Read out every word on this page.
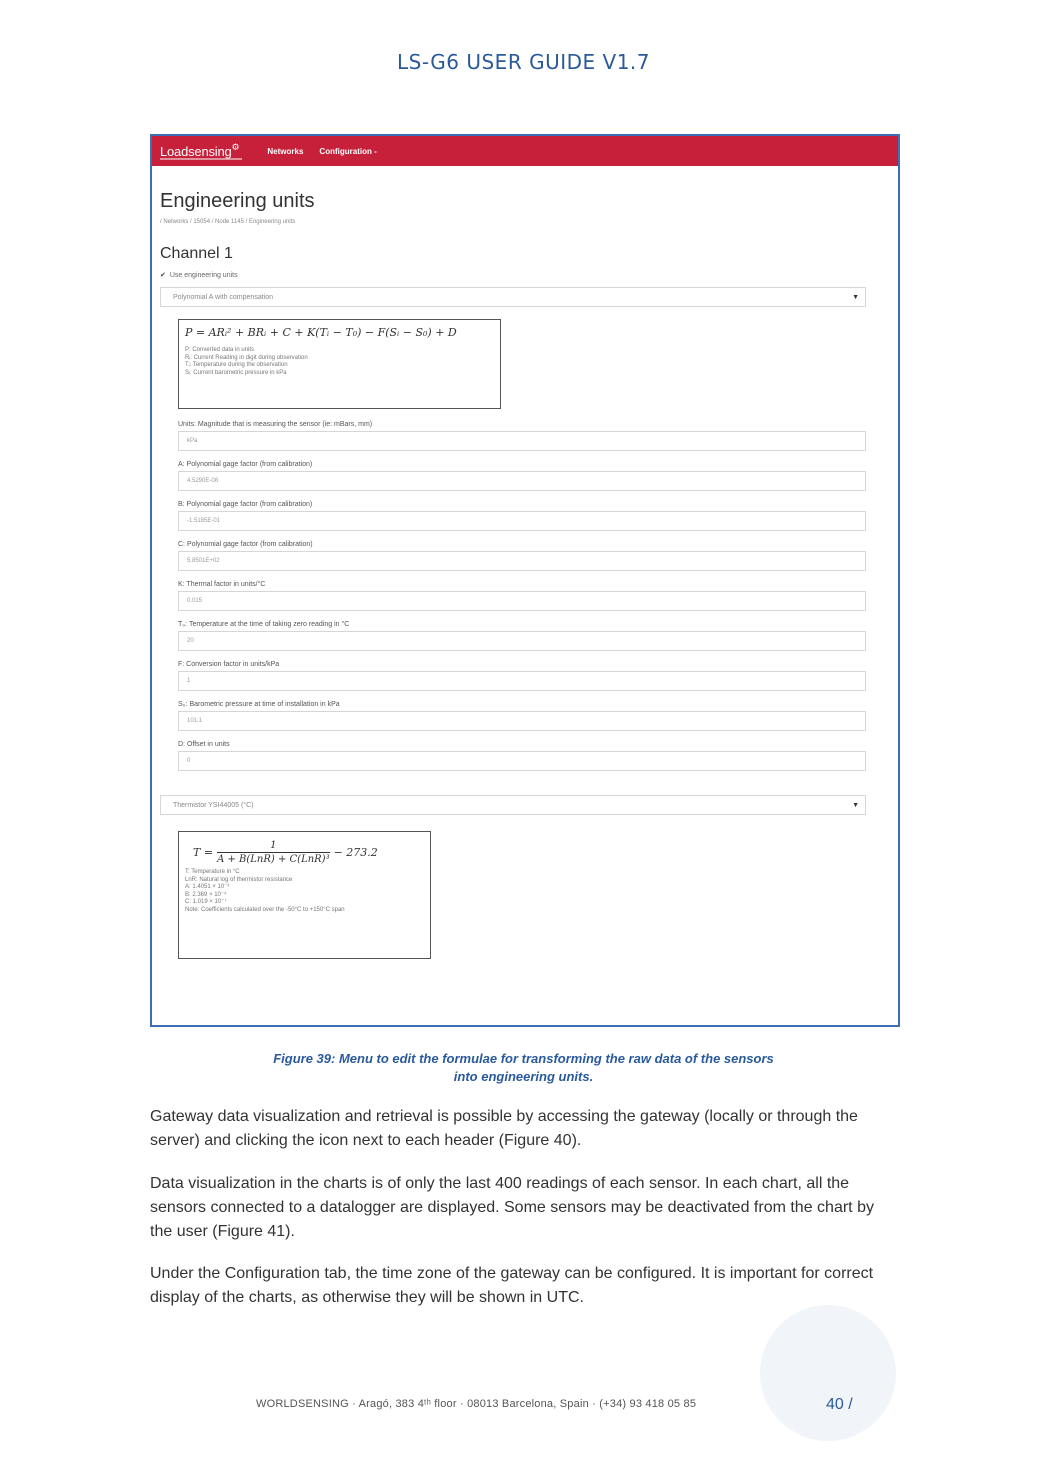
LS-G6 USER GUIDE V1.7
Loadsensing⚙	Networks Configuration -
Engineering units
/ Networks / 15054 / Node 1145 / Engineering units
Channel 1
✔ Use engineering units
Polynomial A with compensation	▼
P = ARᵢ² + BRᵢ + C + K(Tᵢ − T₀) − F(Sᵢ − S₀) + D
P: Converted data in units
Rᵢ: Current Reading in digit during observation
Tᵢ: Temperature during the observation
Sᵢ: Current barometric pressure in kPa
Units: Magnitude that is measuring the sensor (ie: mBars, mm)
kPa
A: Polynomial gage factor (from calibration)
4.5290E-08
B: Polynomial gage factor (from calibration)
-1.5185E-01
C: Polynomial gage factor (from calibration)
5.8501E+02
K: Thermal factor in units/°C
0.015
T₀: Temperature at the time of taking zero reading in °C
20
F: Conversion factor in units/kPa
1
S₀: Barometric pressure at time of installation in kPa
101.1
D: Offset in units
0
Thermistor YSI44005 (°C)	▼
$T = \frac{1}{\text{A + B(LnR) + C(LnR)³}} - 273.2$
T: Temperature in °C
LnR: Natural log of thermistor resistance
A: 1.4051 × 10⁻³
B: 2.369 × 10⁻⁴
C: 1.019 × 10⁻⁷
Note: Coefficients calculated over the -50°C to +150°C span
Figure 39: Menu to edit the formulae for transforming the raw data of the sensors
into engineering units.
Gateway data visualization and retrieval is possible by accessing the gateway (locally or through the server) and clicking the icon next to each header (Figure 40).
Data visualization in the charts is of only the last 400 readings of each sensor. In each chart, all the sensors connected to a datalogger are displayed. Some sensors may be deactivated from the chart by the user (Figure 41).
Under the Configuration tab, the time zone of the gateway can be configured. It is important for correct display of the charts, as otherwise they will be shown in UTC.
WORLDSENSING · Aragó, 383 4ᵗʰ floor · 08013 Barcelona, Spain · (+34) 93 418 05 85	40 /
